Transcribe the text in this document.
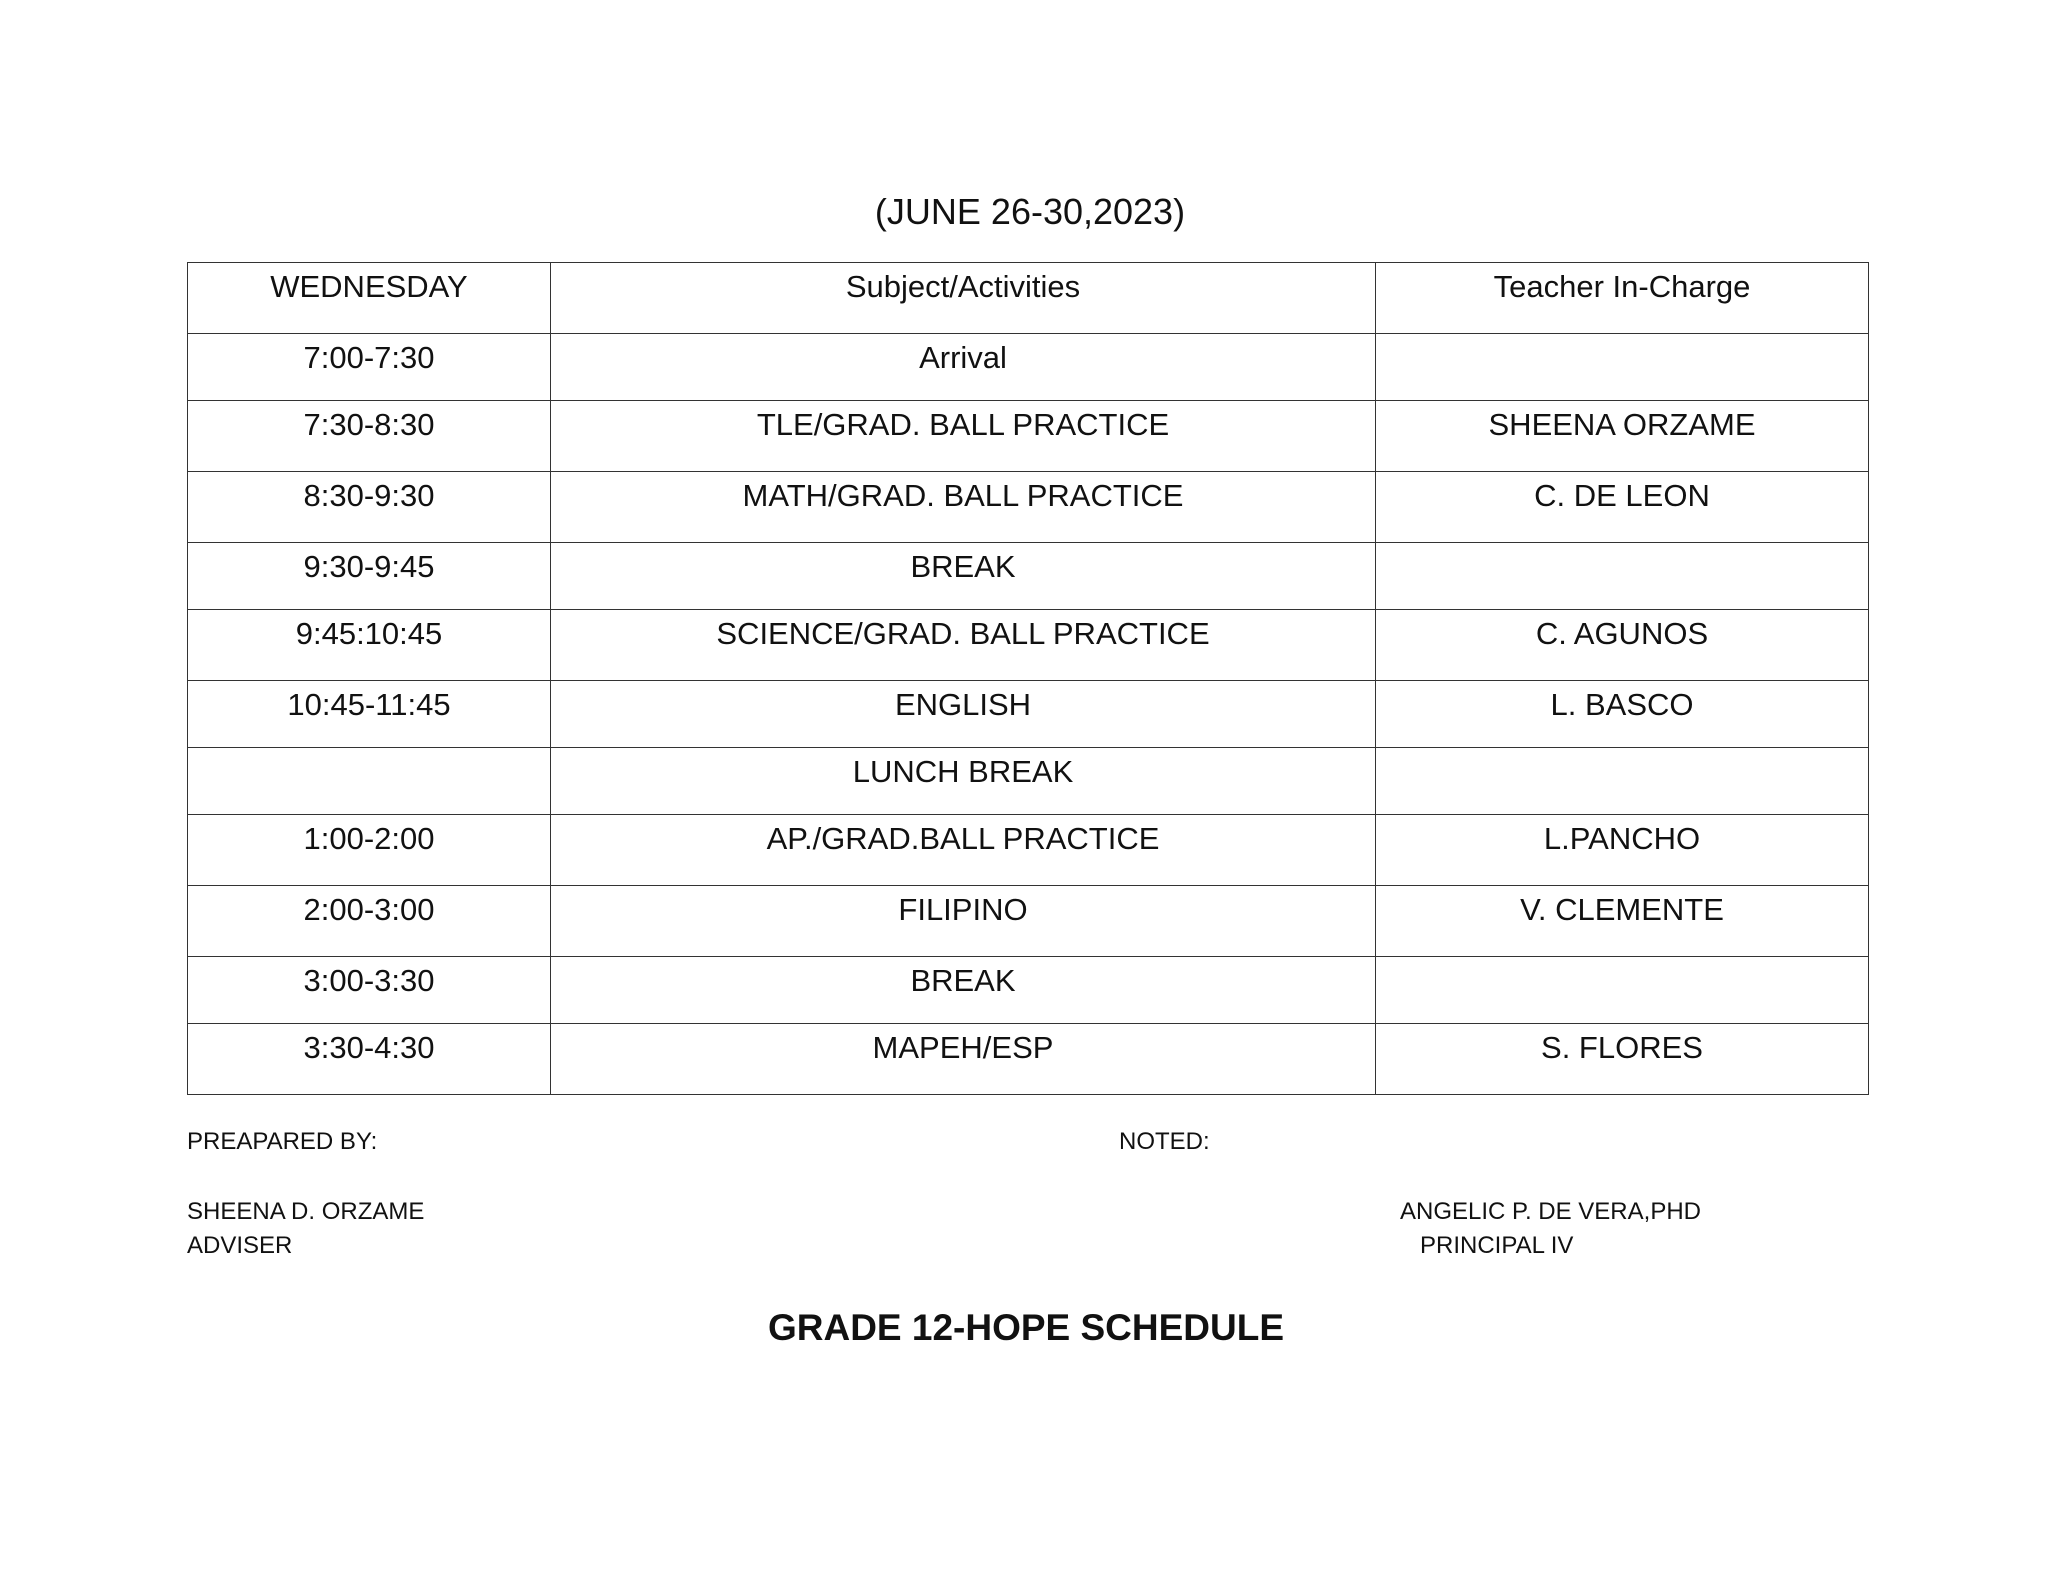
(JUNE 26-30,2023)
WEDNESDAY	Subject/Activities	Teacher In-Charge
7:00-7:30	Arrival	
7:30-8:30	TLE/GRAD. BALL PRACTICE	SHEENA ORZAME
8:30-9:30	MATH/GRAD. BALL PRACTICE	C. DE LEON
9:30-9:45	BREAK	
9:45:10:45	SCIENCE/GRAD. BALL PRACTICE	C. AGUNOS
10:45-11:45	ENGLISH	L. BASCO
	LUNCH BREAK	
1:00-2:00	AP./GRAD.BALL PRACTICE	L.PANCHO
2:00-3:00	FILIPINO	V. CLEMENTE
3:00-3:30	BREAK	
3:30-4:30	MAPEH/ESP	S. FLORES
PREAPARED BY:	NOTED:
SHEENA D. ORZAME
ADVISER
ANGELIC P. DE VERA,PHD
PRINCIPAL IV
GRADE 12-HOPE SCHEDULE
